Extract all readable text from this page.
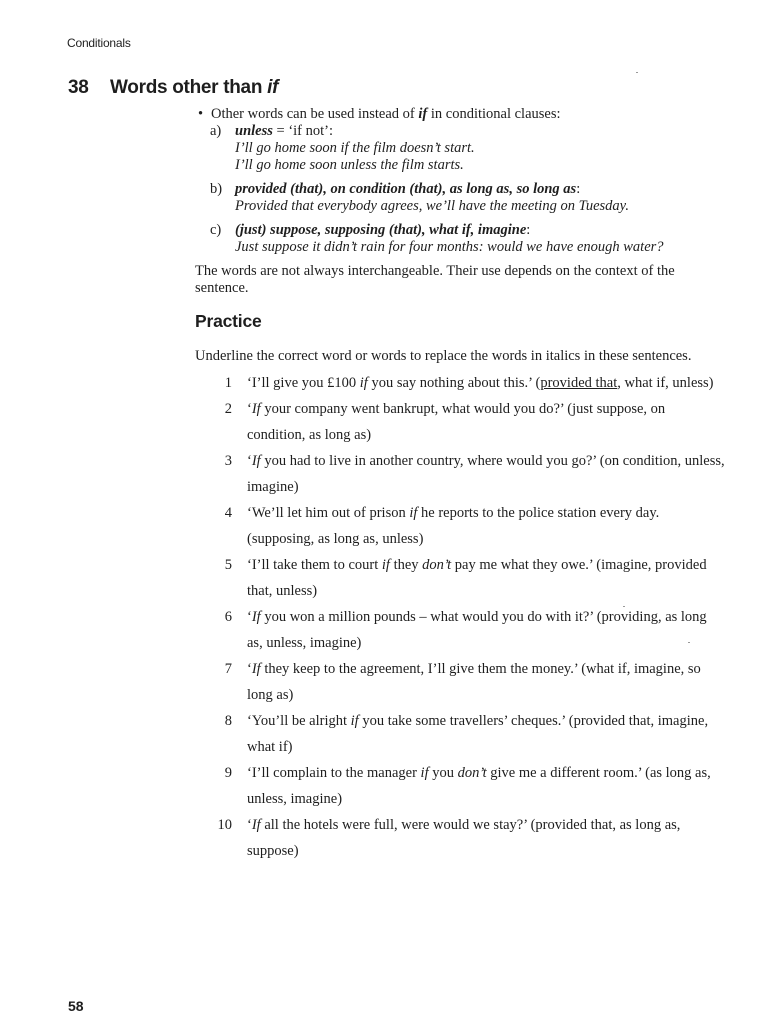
Conditionals
38 Words other than if
• Other words can be used instead of if in conditional clauses:
a) unless = ‘if not’:
I’ll go home soon if the film doesn’t start.
I’ll go home soon unless the film starts.
b) provided (that), on condition (that), as long as, so long as:
Provided that everybody agrees, we’ll have the meeting on Tuesday.
c) (just) suppose, supposing (that), what if, imagine:
Just suppose it didn’t rain for four months: would we have enough water?
The words are not always interchangeable. Their use depends on the context of the sentence.
Practice
Underline the correct word or words to replace the words in italics in these sentences.
1 ‘I’ll give you £100 if you say nothing about this.’ (provided that, what if, unless)
2 ‘If your company went bankrupt, what would you do?’ (just suppose, on condition, as long as)
3 ‘If you had to live in another country, where would you go?’ (on condition, unless, imagine)
4 ‘We’ll let him out of prison if he reports to the police station every day. (supposing, as long as, unless)
5 ‘I’ll take them to court if they don’t pay me what they owe.’ (imagine, provided that, unless)
6 ‘If you won a million pounds – what would you do with it?’ (providing, as long as, unless, imagine)
7 ‘If they keep to the agreement, I’ll give them the money.’ (what if, imagine, so long as)
8 ‘You’ll be alright if you take some travellers’ cheques.’ (provided that, imagine, what if)
9 ‘I’ll complain to the manager if you don’t give me a different room.’ (as long as, unless, imagine)
10 ‘If all the hotels were full, were would we stay?’ (provided that, as long as, suppose)
58
